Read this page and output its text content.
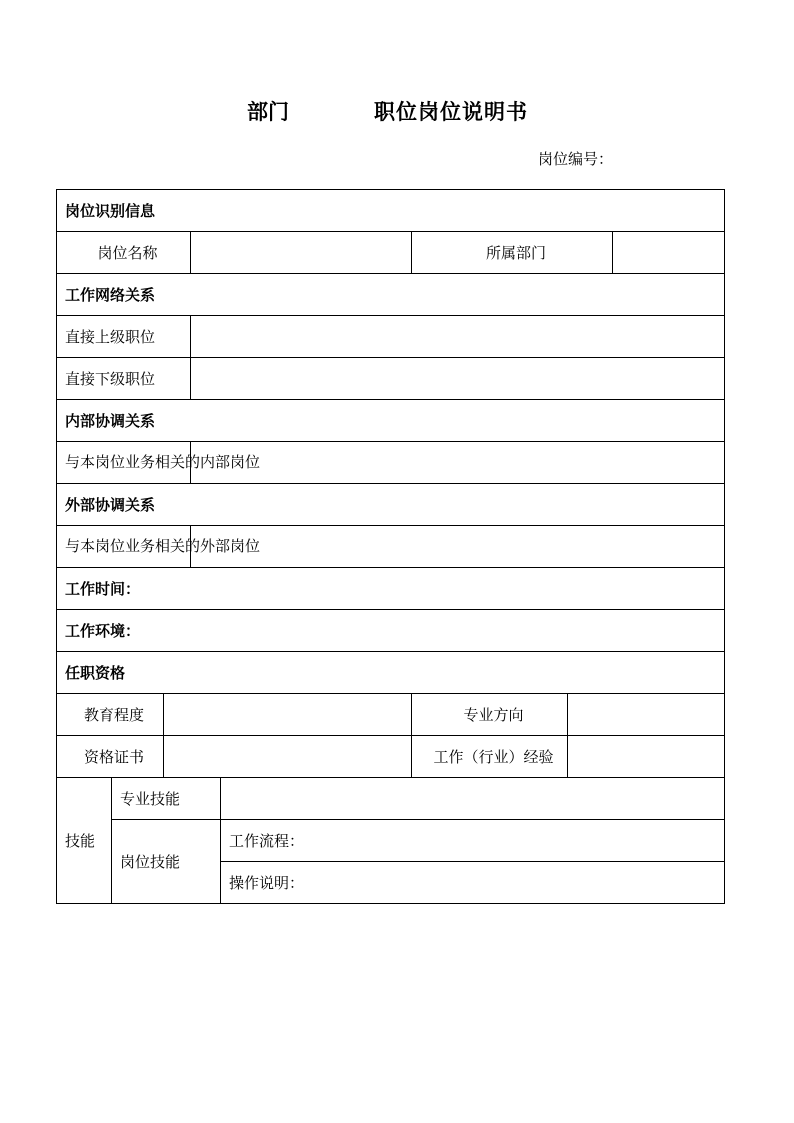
部门	职位岗位说明书
岗位编号：
岗位识别信息							
岗位名称					所属部门		
工作网络关系							
直接上级职位							
直接下级职位							
内部协调关系							
与本岗位业务相关的内部岗位							
外部协调关系							
与本岗位业务相关的外部岗位							
工作时间：							
工作环境：							
任职资格							
教育程度					专业方向		
资格证书					工作（行业）经验		
技能	专业技能						
	岗位技能			工作流程：			
				操作说明：			
